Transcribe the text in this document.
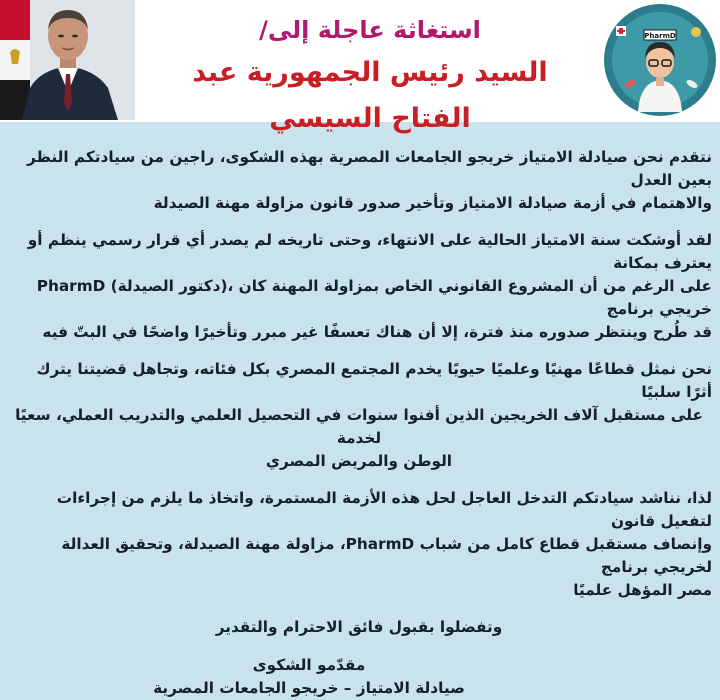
استغاثة عاجلة إلى/
السيد رئيس الجمهورية عبد الفتاح السيسي
PharmD

نتقدم نحن صيادلة الامتياز خريجو الجامعات المصرية بهذه الشكوى، راجين من سيادتكم النظر بعين العدل

والاهتمام في أزمة صيادلة الامتياز وتأخير صدور قانون مزاولة مهنة الصيدلة

لقد أوشكت سنة الامتياز الحالية على الانتهاء، وحتى تاريخه لم يصدر أي قرار رسمي ينظم أو يعترف بمكانة

على الرغم من أن المشروع القانوني الخاص بمزاولة المهنة كان ،(دكتور الصيدلة) PharmD خريجي برنامج

قد طُرح وينتظر صدوره منذ فترة، إلا أن هناك تعسفًا غير مبرر وتأخيرًا واضحًا في البتّ فيه

نحن نمثل قطاعًا مهنيًا وعلميًا حيويًا يخدم المجتمع المصري بكل فئاته، وتجاهل قضيتنا يترك أثرًا سلبيًا

على مستقبل آلاف الخريجين الذين أفنوا سنوات في التحصيل العلمي والتدريب العملي، سعيًا لخدمة

الوطن والمريض المصري

لذا، نناشد سيادتكم التدخل العاجل لحل هذه الأزمة المستمرة، واتخاذ ما يلزم من إجراءات لتفعيل قانون

وإنصاف مستقبل قطاع كامل من شباب PharmD، مزاولة مهنة الصيدلة، وتحقيق العدالة لخريجي برنامج

مصر المؤهل علميًا

وتفضلوا بقبول فائق الاحترام والتقدير

مقدّمو الشكوى

صيادلة الامتياز – خريجو الجامعات المصرية
